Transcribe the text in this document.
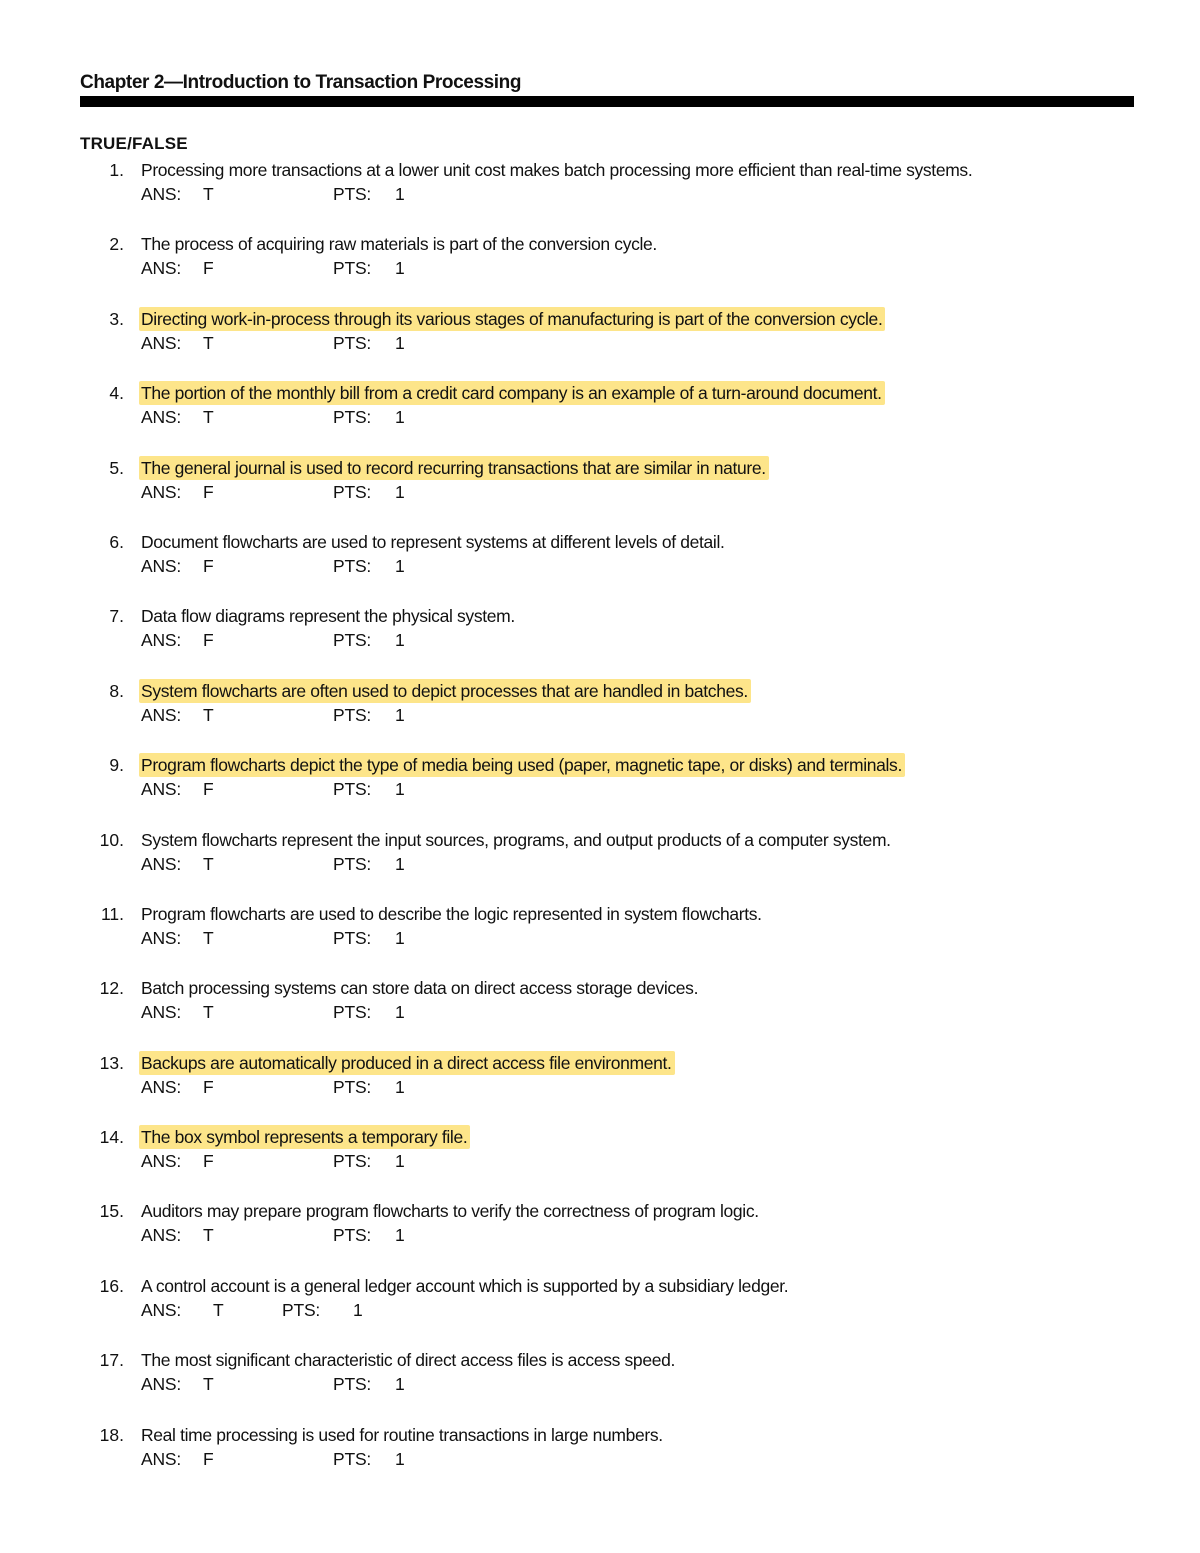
Chapter 2—Introduction to Transaction Processing
TRUE/FALSE
1. Processing more transactions at a lower unit cost makes batch processing more efficient than real-time systems.
ANS: T	PTS: 1
2. The process of acquiring raw materials is part of the conversion cycle.
ANS: F	PTS: 1
3. Directing work-in-process through its various stages of manufacturing is part of the conversion cycle.
ANS: T	PTS: 1
4. The portion of the monthly bill from a credit card company is an example of a turn-around document.
ANS: T	PTS: 1
5. The general journal is used to record recurring transactions that are similar in nature.
ANS: F	PTS: 1
6. Document flowcharts are used to represent systems at different levels of detail.
ANS: F	PTS: 1
7. Data flow diagrams represent the physical system.
ANS: F	PTS: 1
8. System flowcharts are often used to depict processes that are handled in batches.
ANS: T	PTS: 1
9. Program flowcharts depict the type of media being used (paper, magnetic tape, or disks) and terminals.
ANS: F	PTS: 1
10. System flowcharts represent the input sources, programs, and output products of a computer system.
ANS: T	PTS: 1
11. Program flowcharts are used to describe the logic represented in system flowcharts.
ANS: T	PTS: 1
12. Batch processing systems can store data on direct access storage devices.
ANS: T	PTS: 1
13. Backups are automatically produced in a direct access file environment.
ANS: F	PTS: 1
14. The box symbol represents a temporary file.
ANS: F	PTS: 1
15. Auditors may prepare program flowcharts to verify the correctness of program logic.
ANS: T	PTS: 1
16. A control account is a general ledger account which is supported by a subsidiary ledger.
ANS: T	PTS: 1
17. The most significant characteristic of direct access files is access speed.
ANS: T	PTS: 1
18. Real time processing is used for routine transactions in large numbers.
ANS: F	PTS: 1
